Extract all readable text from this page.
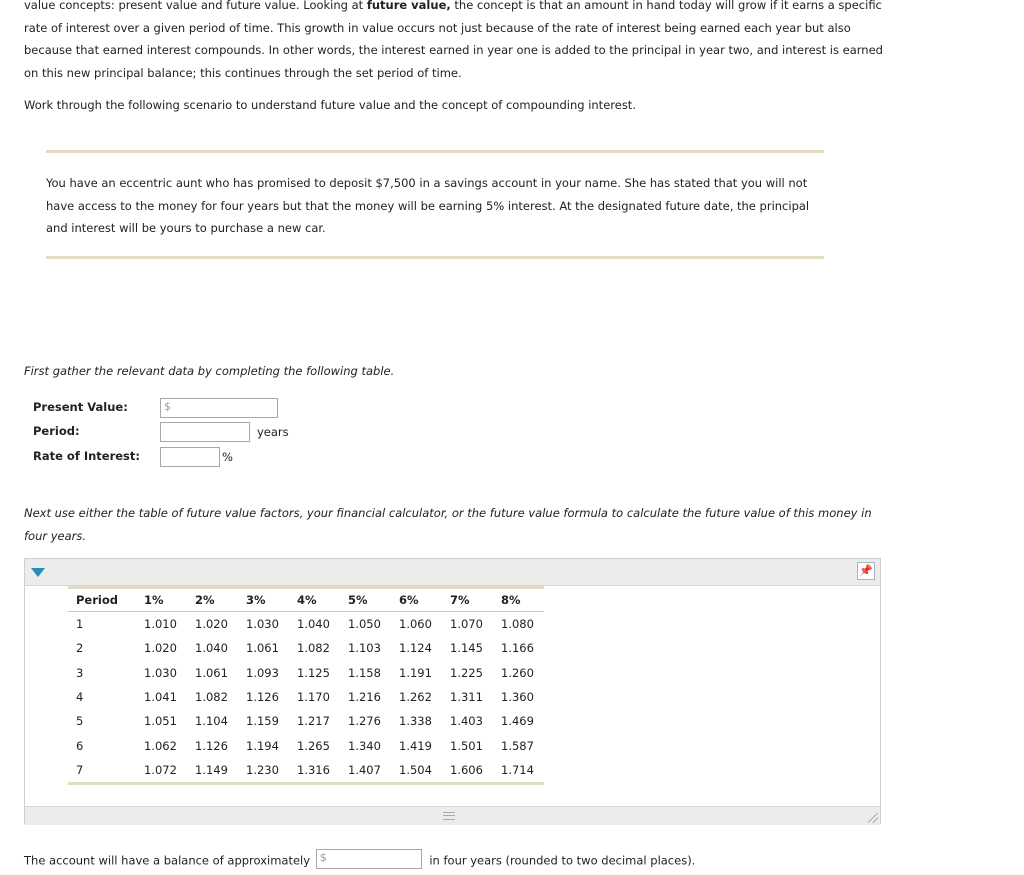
value concepts: present value and future value. Looking at future value, the concept is that an amount in hand today will grow if it earns a specific rate of interest over a given period of time. This growth in value occurs not just because of the rate of interest being earned each year but also because that earned interest compounds. In other words, the interest earned in year one is added to the principal in year two, and interest is earned on this new principal balance; this continues through the set period of time.

Work through the following scenario to understand future value and the concept of compounding interest.
You have an eccentric aunt who has promised to deposit $7,500 in a savings account in your name. She has stated that you will not have access to the money for four years but that the money will be earning 5% interest. At the designated future date, the principal and interest will be yours to purchase a new car.
First gather the relevant data by completing the following table.
Present Value:	$
Period:	years
Rate of Interest:	%
Next use either the table of future value factors, your financial calculator, or the future value formula to calculate the future value of this money in four years.
📌
Period	1%	2%	3%	4%	5%	6%	7%	8%
1	1.010	1.020	1.030	1.040	1.050	1.060	1.070	1.080
2	1.020	1.040	1.061	1.082	1.103	1.124	1.145	1.166
3	1.030	1.061	1.093	1.125	1.158	1.191	1.225	1.260
4	1.041	1.082	1.126	1.170	1.216	1.262	1.311	1.360
5	1.051	1.104	1.159	1.217	1.276	1.338	1.403	1.469
6	1.062	1.126	1.194	1.265	1.340	1.419	1.501	1.587
7	1.072	1.149	1.230	1.316	1.407	1.504	1.606	1.714
The account will have a balance of approximately $	in four years (rounded to two decimal places).
